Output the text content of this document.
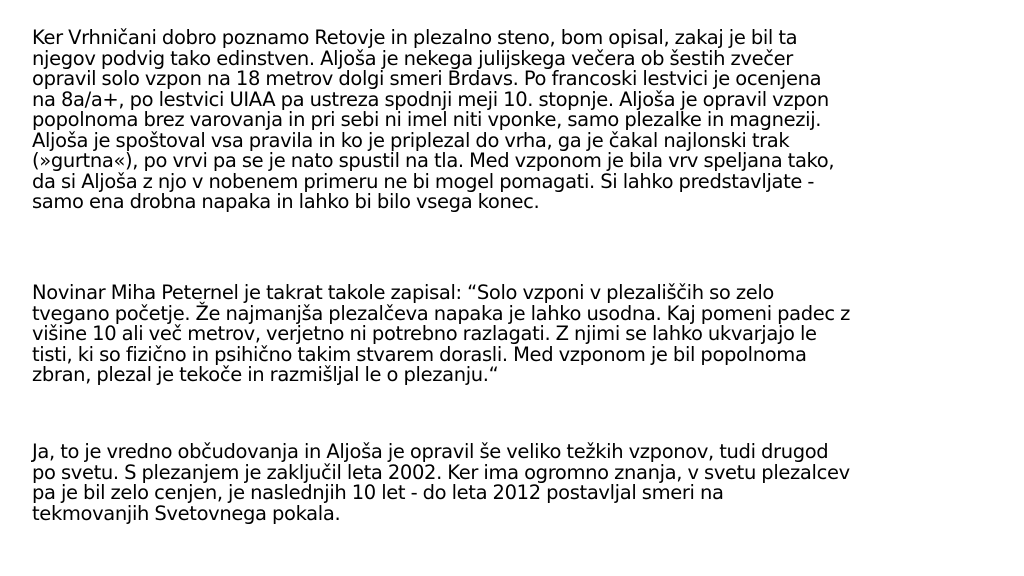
Ker Vrhničani dobro poznamo Retovje in plezalno steno, bom opisal, zakaj je bil ta
njegov podvig tako edinstven. Aljoša je nekega julijskega večera ob šestih zvečer
opravil solo vzpon na 18 metrov dolgi smeri Brdavs. Po francoski lestvici je ocenjena
na 8a/a+, po lestvici UIAA pa ustreza spodnji meji 10. stopnje. Aljoša je opravil vzpon
popolnoma brez varovanja in pri sebi ni imel niti vponke, samo plezalke in magnezij.
Aljoša je spoštoval vsa pravila in ko je priplezal do vrha, ga je čakal najlonski trak
(»gurtna«), po vrvi pa se je nato spustil na tla. Med vzponom je bila vrv speljana tako,
da si Aljoša z njo v nobenem primeru ne bi mogel pomagati. Si lahko predstavljate -
samo ena drobna napaka in lahko bi bilo vsega konec.

Novinar Miha Peternel je takrat takole zapisal: “Solo vzponi v plezališčih so zelo
tvegano početje. Že najmanjša plezalčeva napaka je lahko usodna. Kaj pomeni padec z
višine 10 ali več metrov, verjetno ni potrebno razlagati. Z njimi se lahko ukvarjajo le
tisti, ki so fizično in psihično takim stvarem dorasli. Med vzponom je bil popolnoma
zbran, plezal je tekoče in razmišljal le o plezanju.“

Ja, to je vredno občudovanja in Aljoša je opravil še veliko težkih vzponov, tudi drugod
po svetu. S plezanjem je zaključil leta 2002. Ker ima ogromno znanja, v svetu plezalcev
pa je bil zelo cenjen, je naslednjih 10 let - do leta 2012 postavljal smeri na
tekmovanjih Svetovnega pokala.
